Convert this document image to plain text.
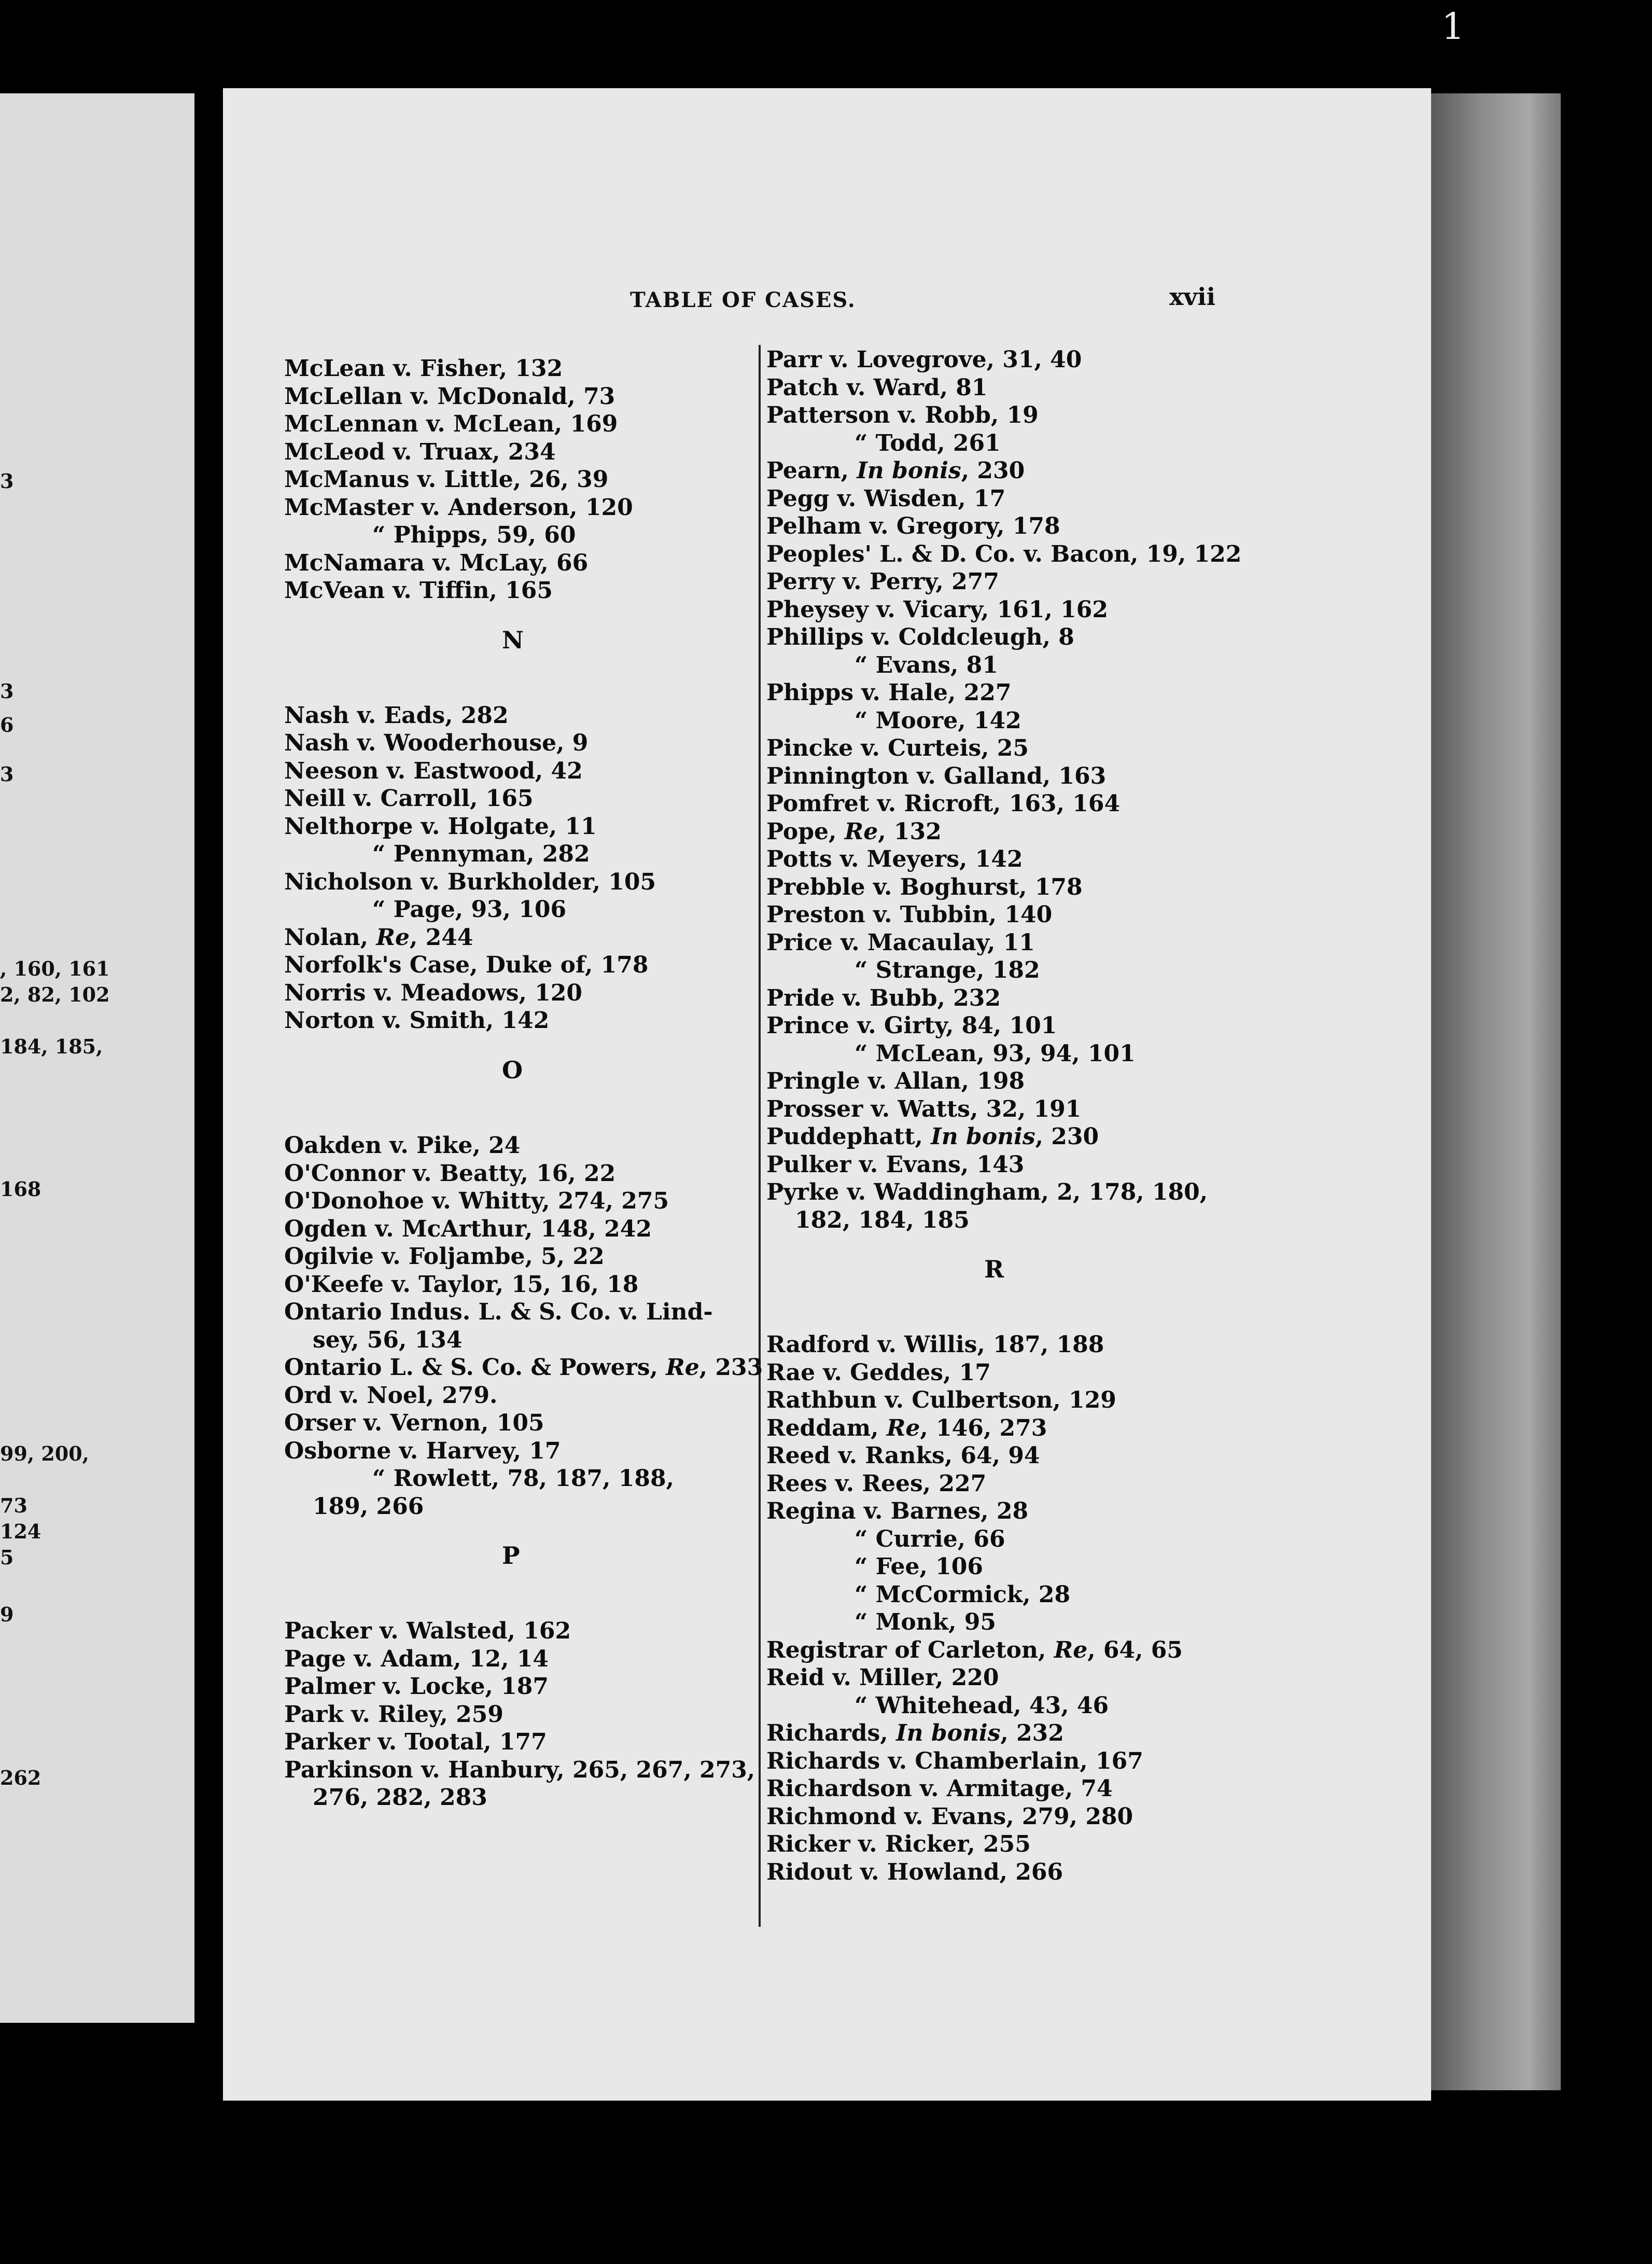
3
3
6
3
, 160, 161
2, 82, 102
184, 185,
168
99, 200,
73
124
5
9
262
1
TABLE OF CASES.	xvii
McLean v. Fisher, 132
McLellan v. McDonald, 73
McLennan v. McLean, 169
McLeod v. Truax, 234
McManus v. Little, 26, 39
McMaster v. Anderson, 120
“ Phipps, 59, 60
McNamara v. McLay, 66
McVean v. Tiffin, 165
N
Nash v. Eads, 282
Nash v. Wooderhouse, 9
Neeson v. Eastwood, 42
Neill v. Carroll, 165
Nelthorpe v. Holgate, 11
“ Pennyman, 282
Nicholson v. Burkholder, 105
“ Page, 93, 106
Nolan, Re, 244
Norfolk's Case, Duke of, 178
Norris v. Meadows, 120
Norton v. Smith, 142
O
Oakden v. Pike, 24
O'Connor v. Beatty, 16, 22
O'Donohoe v. Whitty, 274, 275
Ogden v. McArthur, 148, 242
Ogilvie v. Foljambe, 5, 22
O'Keefe v. Taylor, 15, 16, 18
Ontario Indus. L. & S. Co. v. Lind-
sey, 56, 134
Ontario L. & S. Co. & Powers, Re, 233
Ord v. Noel, 279.
Orser v. Vernon, 105
Osborne v. Harvey, 17
“ Rowlett, 78, 187, 188,
189, 266
P
Packer v. Walsted, 162
Page v. Adam, 12, 14
Palmer v. Locke, 187
Park v. Riley, 259
Parker v. Tootal, 177
Parkinson v. Hanbury, 265, 267, 273,
276, 282, 283
Parr v. Lovegrove, 31, 40
Patch v. Ward, 81
Patterson v. Robb, 19
“ Todd, 261
Pearn, In bonis, 230
Pegg v. Wisden, 17
Pelham v. Gregory, 178
Peoples' L. & D. Co. v. Bacon, 19, 122
Perry v. Perry, 277
Pheysey v. Vicary, 161, 162
Phillips v. Coldcleugh, 8
“ Evans, 81
Phipps v. Hale, 227
“ Moore, 142
Pincke v. Curteis, 25
Pinnington v. Galland, 163
Pomfret v. Ricroft, 163, 164
Pope, Re, 132
Potts v. Meyers, 142
Prebble v. Boghurst, 178
Preston v. Tubbin, 140
Price v. Macaulay, 11
“ Strange, 182
Pride v. Bubb, 232
Prince v. Girty, 84, 101
“ McLean, 93, 94, 101
Pringle v. Allan, 198
Prosser v. Watts, 32, 191
Puddephatt, In bonis, 230
Pulker v. Evans, 143
Pyrke v. Waddingham, 2, 178, 180,
182, 184, 185
R
Radford v. Willis, 187, 188
Rae v. Geddes, 17
Rathbun v. Culbertson, 129
Reddam, Re, 146, 273
Reed v. Ranks, 64, 94
Rees v. Rees, 227
Regina v. Barnes, 28
“ Currie, 66
“ Fee, 106
“ McCormick, 28
“ Monk, 95
Registrar of Carleton, Re, 64, 65
Reid v. Miller, 220
“ Whitehead, 43, 46
Richards, In bonis, 232
Richards v. Chamberlain, 167
Richardson v. Armitage, 74
Richmond v. Evans, 279, 280
Ricker v. Ricker, 255
Ridout v. Howland, 266
